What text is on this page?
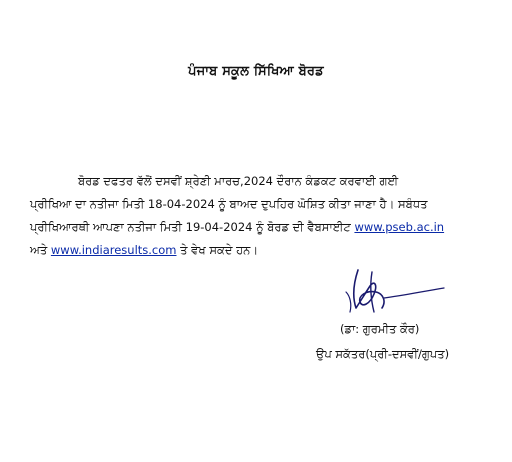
ਪੰਜਾਬ ਸਕੂਲ ਸਿੱਖਿਆ ਬੋਰਡ
ਬੋਰਡ ਦਫਤਰ ਵੱਲੋਂ ਦਸਵੀਂ ਸ਼੍ਰੇਣੀ ਮਾਰਚ,2024 ਦੌਰਾਨ ਕੰਡਕਟ ਕਰਵਾਈ ਗਈ
ਪ੍ਰੀਖਿਆ ਦਾ ਨਤੀਜਾ ਮਿਤੀ 18-04-2024 ਨੂੰ ਬਾਅਦ ਦੁਪਹਿਰ ਘੋਸ਼ਿਤ ਕੀਤਾ ਜਾਣਾ ਹੈ। ਸਬੰਧਤ
ਪ੍ਰੀਖਿਆਰਥੀ ਆਪਣਾ ਨਤੀਜਾ ਮਿਤੀ 19-04-2024 ਨੂੰ ਬੋਰਡ ਦੀ ਵੈਬਸਾਈਟ www.pseb.ac.in
ਅਤੇ www.indiaresults.com ਤੇ ਵੇਖ ਸਕਦੇ ਹਨ।
(ਡਾ: ਗੁਰਮੀਤ ਕੌਰ)
ਉਪ ਸਕੱਤਰ(ਪ੍ਰੀ-ਦਸਵੀਂ/ਗੁਪਤ)
